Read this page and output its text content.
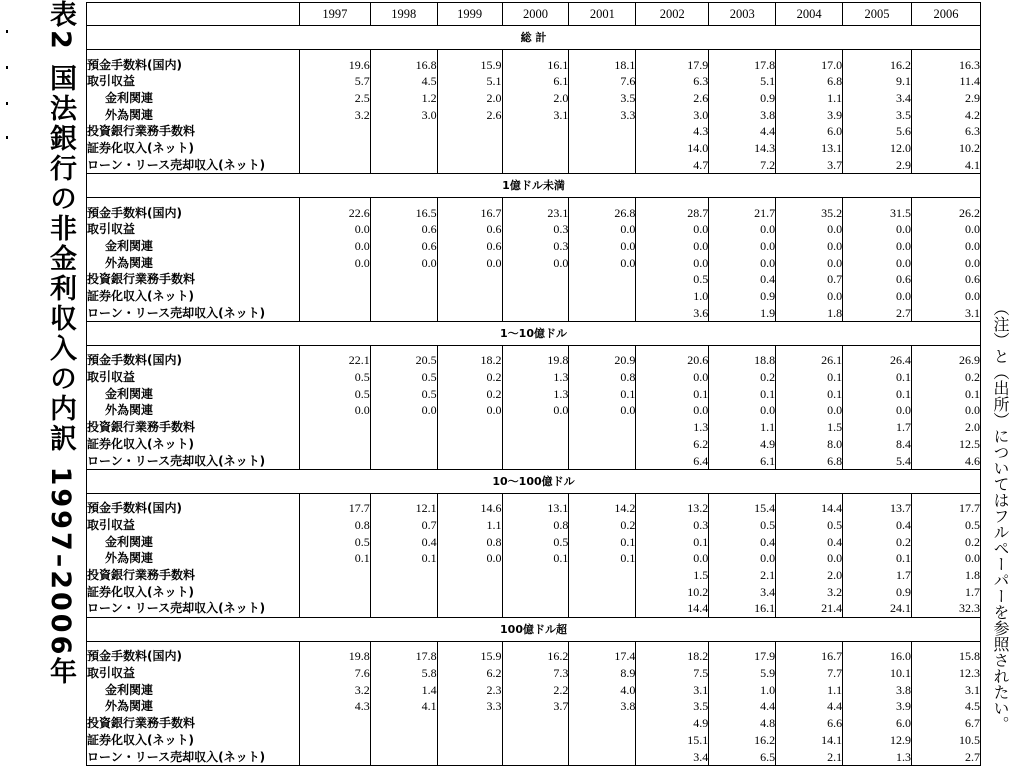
表2 国法銀行の非金利収入の内訳 1997–2006年
		1997	1998	1999	2000	2001	2002	2003	2004	2005	2006
総 計										

預金手数料(国内)	19.6	16.8	15.9	16.1	18.1	17.9	17.8	17.0	16.2	16.3
取引収益	5.7	4.5	5.1	6.1	7.6	6.3	5.1	6.8	9.1	11.4
金利関連	2.5	1.2	2.0	2.0	3.5	2.6	0.9	1.1	3.4	2.9
外為関連	3.2	3.0	2.6	3.1	3.3	3.0	3.8	3.9	3.5	4.2
投資銀行業務手数料						4.3	4.4	6.0	5.6	6.3
証券化収入(ネット)						14.0	14.3	13.1	12.0	10.2
ローン・リース売却収入(ネット)						4.7	7.2	3.7	2.9	4.1
1億ドル未満										

預金手数料(国内)	22.6	16.5	16.7	23.1	26.8	28.7	21.7	35.2	31.5	26.2
取引収益	0.0	0.6	0.6	0.3	0.0	0.0	0.0	0.0	0.0	0.0
金利関連	0.0	0.6	0.6	0.3	0.0	0.0	0.0	0.0	0.0	0.0
外為関連	0.0	0.0	0.0	0.0	0.0	0.0	0.0	0.0	0.0	0.0
投資銀行業務手数料						0.5	0.4	0.7	0.6	0.6
証券化収入(ネット)						1.0	0.9	0.0	0.0	0.0
ローン・リース売却収入(ネット)						3.6	1.9	1.8	2.7	3.1
1〜10億ドル										

預金手数料(国内)	22.1	20.5	18.2	19.8	20.9	20.6	18.8	26.1	26.4	26.9
取引収益	0.5	0.5	0.2	1.3	0.8	0.0	0.2	0.1	0.1	0.2
金利関連	0.5	0.5	0.2	1.3	0.1	0.1	0.1	0.1	0.1	0.1
外為関連	0.0	0.0	0.0	0.0	0.0	0.0	0.0	0.0	0.0	0.0
投資銀行業務手数料						1.3	1.1	1.5	1.7	2.0
証券化収入(ネット)						6.2	4.9	8.0	8.4	12.5
ローン・リース売却収入(ネット)						6.4	6.1	6.8	5.4	4.6
10〜100億ドル										

預金手数料(国内)	17.7	12.1	14.6	13.1	14.2	13.2	15.4	14.4	13.7	17.7
取引収益	0.8	0.7	1.1	0.8	0.2	0.3	0.5	0.5	0.4	0.5
金利関連	0.5	0.4	0.8	0.5	0.1	0.1	0.4	0.4	0.2	0.2
外為関連	0.1	0.1	0.0	0.1	0.1	0.0	0.0	0.0	0.1	0.0
投資銀行業務手数料						1.5	2.1	2.0	1.7	1.8
証券化収入(ネット)						10.2	3.4	3.2	0.9	1.7
ローン・リース売却収入(ネット)						14.4	16.1	21.4	24.1	32.3
100億ドル超										

預金手数料(国内)	19.8	17.8	15.9	16.2	17.4	18.2	17.9	16.7	16.0	15.8
取引収益	7.6	5.8	6.2	7.3	8.9	7.5	5.9	7.7	10.1	12.3
金利関連	3.2	1.4	2.3	2.2	4.0	3.1	1.0	1.1	3.8	3.1
外為関連	4.3	4.1	3.3	3.7	3.8	3.5	4.4	4.4	3.9	4.5
投資銀行業務手数料						4.9	4.8	6.6	6.0	6.7
証券化収入(ネット)						15.1	16.2	14.1	12.9	10.5
ローン・リース売却収入(ネット)						3.4	6.5	2.1	1.3	2.7
（注）と（出所）についてはフルペーパーを参照されたい。
